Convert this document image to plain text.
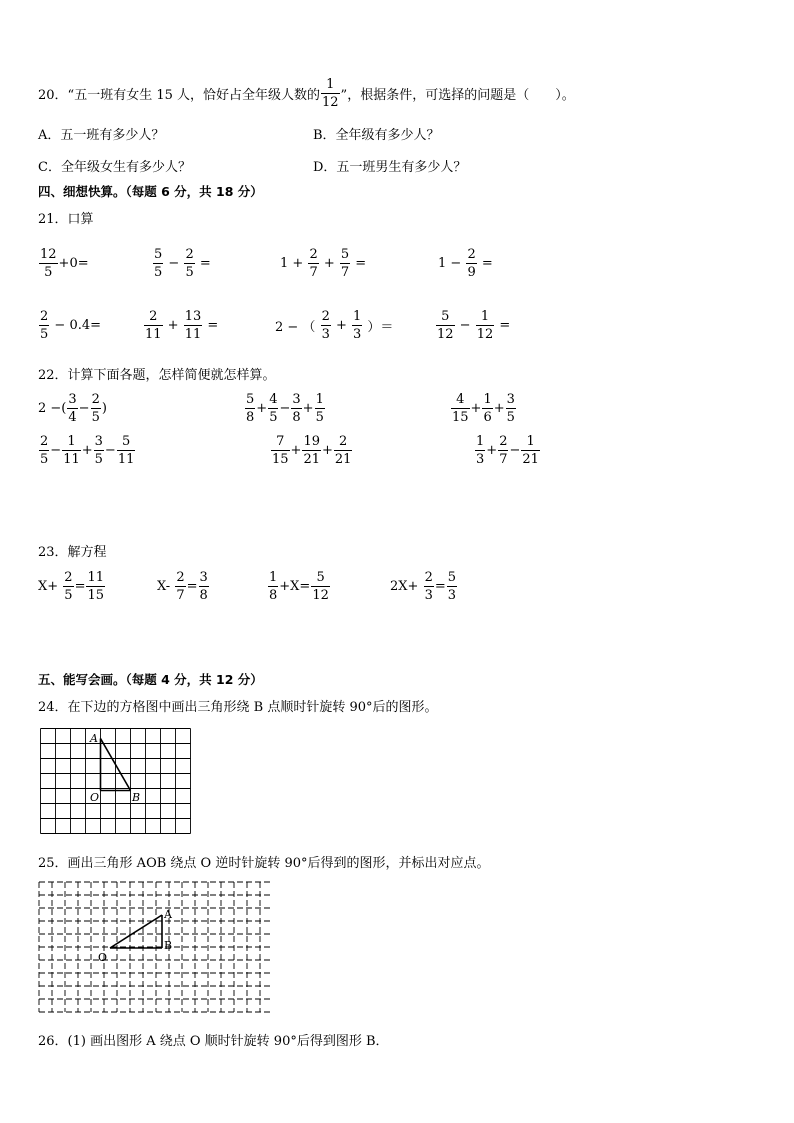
20． “五一班有女生 15 人，恰好占全年级人数的 $\frac{1}{12}$ ”，根据条件，可选择的问题是（　　）。
A．五一班有多少人？	B．全年级有多少人？
C．全年级女生有多少人？	D．五一班男生有多少人？
四、细想快算。（每题 6 分，共 18 分）
21．口算
$\frac{12}{5} +0=$	$\frac{5}{5} - \frac{2}{5}$ =	$1 + \frac{2}{7} + \frac{5}{7}$ =	$1 - \frac{2}{9}$ =
$\frac{2}{5} - 0.4=$	$\frac{2}{11} + \frac{13}{11}$ =	2 − （ $\frac{2}{3} + \frac{1}{3}$ ）＝	$\frac{5}{12} - \frac{1}{12}$ =
22．计算下面各题，怎样简便就怎样算。
2 −( $\frac{3}{4} - \frac{2}{5}$ )	$\frac{5}{8} + \frac{4}{5} - \frac{3}{8} + \frac{1}{5}$	$\frac{4}{15} + \frac{1}{6} + \frac{3}{5}$
$\frac{2}{5} - \frac{1}{11} + \frac{3}{5} - \frac{5}{11}$	$\frac{7}{15} + \frac{19}{21} + \frac{2}{21}$	$\frac{1}{3} + \frac{2}{7} - \frac{1}{21}$
23．解方程
$X+ \frac{2}{5} = \frac{11}{15}$	$X- \frac{2}{7} = \frac{3}{8}$	$\frac{1}{8} +X= \frac{5}{12}$	$2X+ \frac{2}{3} = \frac{5}{3}$
五、能写会画。（每题 4 分，共 12 分）
24．在下边的方格图中画出三角形绕 B 点顺时针旋转 90°后的图形。
A
O	B
25．画出三角形 AOB 绕点 O 逆时针旋转 90°后得到的图形，并标出对应点。
A
B
O
26．(1) 画出图形 A 绕点 O 顺时针旋转 90°后得到图形 B．
